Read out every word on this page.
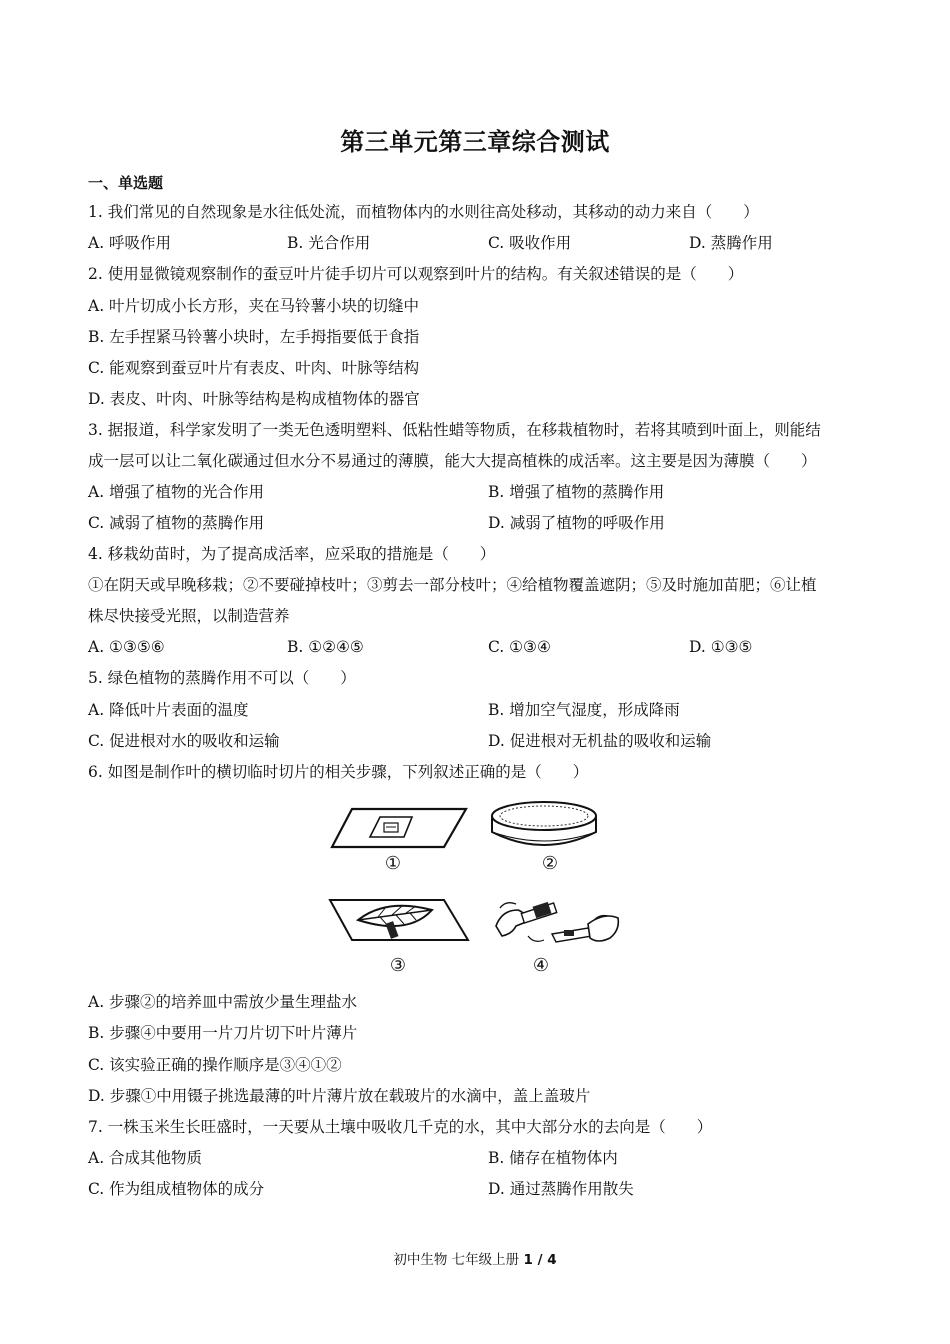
第三单元第三章综合测试
一、单选题
1. 我们常见的自然现象是水往低处流，而植物体内的水则往高处移动，其移动的动力来自（　　）
A. 呼吸作用	B. 光合作用	C. 吸收作用	D. 蒸腾作用
2. 使用显微镜观察制作的蚕豆叶片徒手切片可以观察到叶片的结构。有关叙述错误的是（　　）
A. 叶片切成小长方形，夹在马铃薯小块的切缝中
B. 左手捏紧马铃薯小块时，左手拇指要低于食指
C. 能观察到蚕豆叶片有表皮、叶肉、叶脉等结构
D. 表皮、叶肉、叶脉等结构是构成植物体的器官
3. 据报道，科学家发明了一类无色透明塑料、低粘性蜡等物质，在移栽植物时，若将其喷到叶面上，则能结
成一层可以让二氧化碳通过但水分不易通过的薄膜，能大大提高植株的成活率。这主要是因为薄膜（　　）
A. 增强了植物的光合作用	B. 增强了植物的蒸腾作用
C. 减弱了植物的蒸腾作用	D. 减弱了植物的呼吸作用
4. 移栽幼苗时，为了提高成活率，应采取的措施是（　　）
①在阴天或早晚移栽；②不要碰掉枝叶；③剪去一部分枝叶；④给植物覆盖遮阴；⑤及时施加苗肥；⑥让植
株尽快接受光照，以制造营养
A. ①③⑤⑥	B. ①②④⑤	C. ①③④	D. ①③⑤
5. 绿色植物的蒸腾作用不可以（　　）
A. 降低叶片表面的温度	B. 增加空气湿度，形成降雨
C. 促进根对水的吸收和运输	D. 促进根对无机盐的吸收和运输
6. 如图是制作叶的横切临时切片的相关步骤，下列叙述正确的是（　　）
①	②
③	④
A. 步骤②的培养皿中需放少量生理盐水
B. 步骤④中要用一片刀片切下叶片薄片
C. 该实验正确的操作顺序是③④①②
D. 步骤①中用镊子挑选最薄的叶片薄片放在载玻片的水滴中，盖上盖玻片
7. 一株玉米生长旺盛时，一天要从土壤中吸收几千克的水，其中大部分水的去向是（　　）
A. 合成其他物质	B. 储存在植物体内
C. 作为组成植物体的成分	D. 通过蒸腾作用散失
初中生物 七年级上册 1 / 4
